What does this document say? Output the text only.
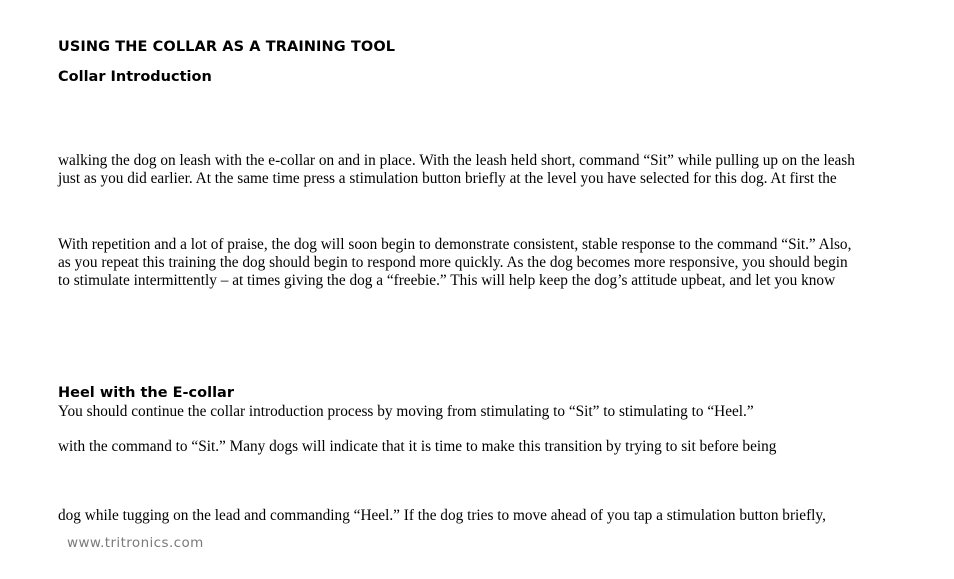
USING THE COLLAR AS A TRAINING TOOL
Collar Introduction

walking the dog on leash with the e-collar on and in place. With the leash held short, command “Sit” while pulling up on the leash
just as you did earlier. At the same time press a stimulation button briefly at the level you have selected for this dog. At first the

With repetition and a lot of praise, the dog will soon begin to demonstrate consistent, stable response to the command “Sit.” Also,
as you repeat this training the dog should begin to respond more quickly. As the dog becomes more responsive, you should begin
to stimulate intermittently – at times giving the dog a “freebie.” This will help keep the dog’s attitude upbeat, and let you know

Heel with the E-collar

You should continue the collar introduction process by moving from stimulating to “Sit” to stimulating to “Heel.”

with the command to “Sit.” Many dogs will indicate that it is time to make this transition by trying to sit before being

dog while tugging on the lead and commanding “Heel.” If the dog tries to move ahead of you tap a stimulation button briefly,

www.tritronics.com
